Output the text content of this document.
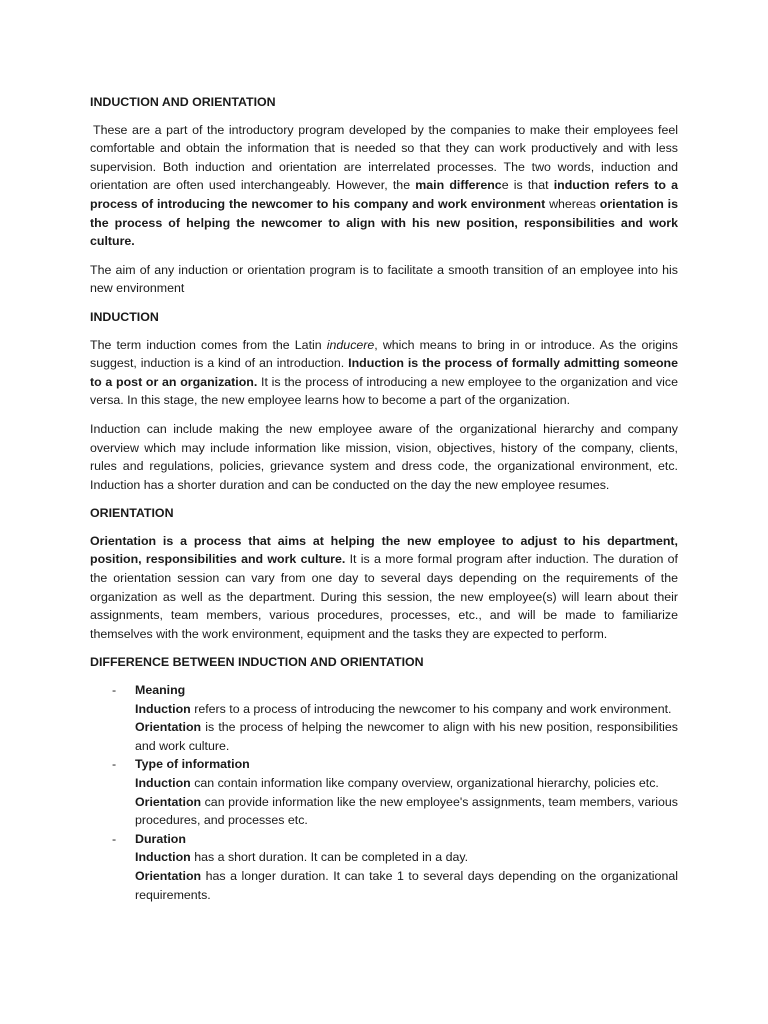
INDUCTION AND ORIENTATION

These are a part of the introductory program developed by the companies to make their employees feel comfortable and obtain the information that is needed so that they can work productively and with less supervision. Both induction and orientation are interrelated processes. The two words, induction and orientation are often used interchangeably. However, the main difference is that induction refers to a process of introducing the newcomer to his company and work environment whereas orientation is the process of helping the newcomer to align with his new position, responsibilities and work culture.

The aim of any induction or orientation program is to facilitate a smooth transition of an employee into his new environment

INDUCTION

The term induction comes from the Latin inducere, which means to bring in or introduce. As the origins suggest, induction is a kind of an introduction. Induction is the process of formally admitting someone to a post or an organization. It is the process of introducing a new employee to the organization and vice versa. In this stage, the new employee learns how to become a part of the organization.

Induction can include making the new employee aware of the organizational hierarchy and company overview which may include information like mission, vision, objectives, history of the company, clients, rules and regulations, policies, grievance system and dress code, the organizational environment, etc. Induction has a shorter duration and can be conducted on the day the new employee resumes.

ORIENTATION

Orientation is a process that aims at helping the new employee to adjust to his department, position, responsibilities and work culture. It is a more formal program after induction. The duration of the orientation session can vary from one day to several days depending on the requirements of the organization as well as the department. During this session, the new employee(s) will learn about their assignments, team members, various procedures, processes, etc., and will be made to familiarize themselves with the work environment, equipment and the tasks they are expected to perform.

DIFFERENCE BETWEEN INDUCTION AND ORIENTATION
- Meaning

Induction refers to a process of introducing the newcomer to his company and work environment.

Orientation is the process of helping the newcomer to align with his new position, responsibilities and work culture.

- Type of information

Induction can contain information like company overview, organizational hierarchy, policies etc.

Orientation can provide information like the new employee's assignments, team members, various procedures, and processes etc.

- Duration

Induction has a short duration. It can be completed in a day.

Orientation has a longer duration. It can take 1 to several days depending on the organizational requirements.
